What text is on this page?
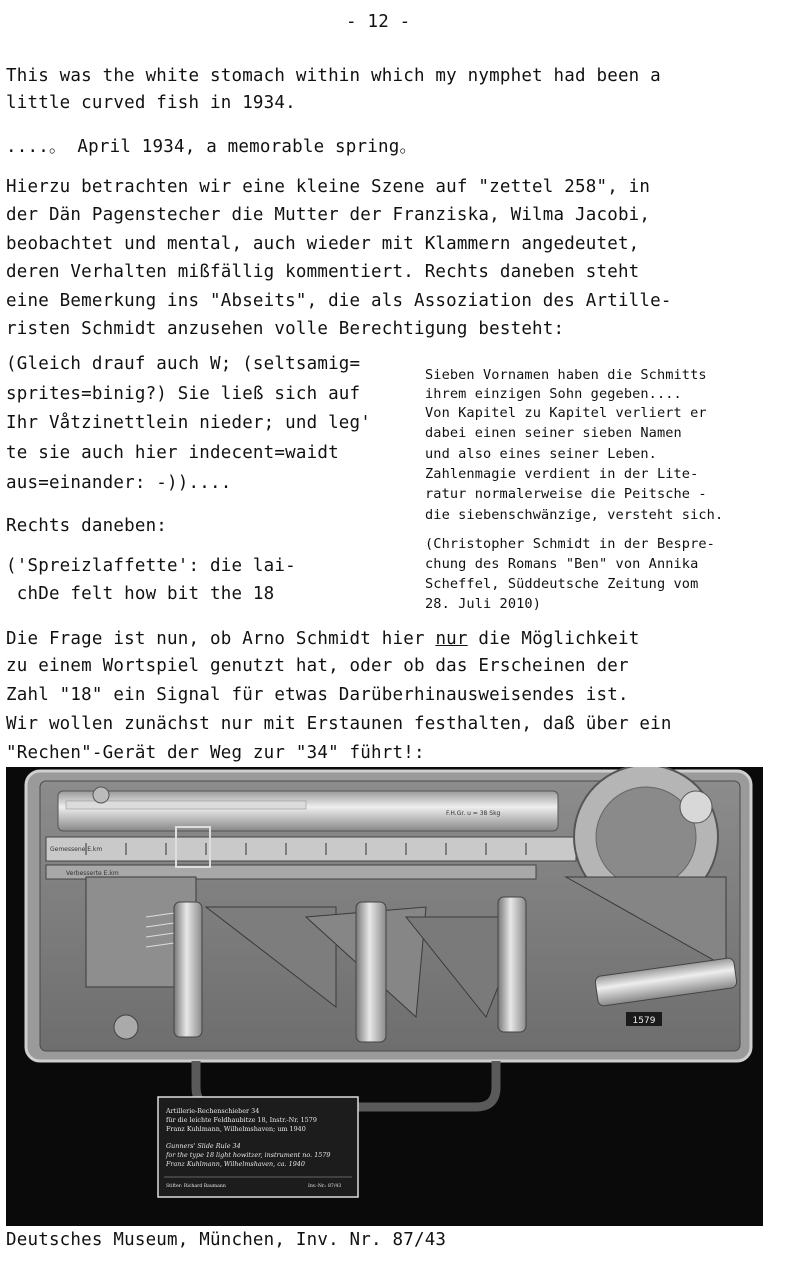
- 12 -
This was the white stomach within which my nymphet had been a
little curved fish in 1934.
....。 April 1934, a memorable spring。
Hierzu betrachten wir eine kleine Szene auf "zettel 258", in
der Dän Pagenstecher die Mutter der Franziska, Wilma Jacobi,
beobachtet und mental, auch wieder mit Klammern angedeutet,
deren Verhalten mißfällig kommentiert. Rechts daneben steht
eine Bemerkung ins "Abseits", die als Assoziation des Artille-
risten Schmidt anzusehen volle Berechtigung besteht:
(Gleich drauf auch W; (seltsamig=
sprites=binig?) Sie ließ sich auf
Ihr Våtzinettlein nieder; und leg'
te sie auch hier indecent=waidt
aus=einander: -))....
Rechts daneben:
('Spreizlaffette': die lai-
chDe felt how bit the 18
Sieben Vornamen haben die Schmitts
ihrem einzigen Sohn gegeben....
Von Kapitel zu Kapitel verliert er
dabei einen seiner sieben Namen
und also eines seiner Leben.
Zahlenmagie verdient in der Lite-
ratur normalerweise die Peitsche -
die siebenschwänzige, versteht sich.
(Christopher Schmidt in der Bespre-
chung des Romans "Ben" von Annika
Scheffel, Süddeutsche Zeitung vom
28. Juli 2010)
Die Frage ist nun, ob Arno Schmidt hier nur die Möglichkeit
zu einem Wortspiel genutzt hat, oder ob das Erscheinen der
Zahl "18" ein Signal für etwas Darüberhinausweisendes ist.
Wir wollen zunächst nur mit Erstaunen festhalten, daß über ein
"Rechen"-Gerät der Weg zur "34" führt!:
1579
F.H.Gr. u = 38 Skg
Verbesserte E.km
Gemessene E.km
Artillerie-Rechenschieber 34
für die leichte Feldhaubitze 18, Instr.-Nr. 1579
Franz Kuhlmann, Wilhelmshaven; um 1940
Gunners' Slide Rule 34
for the type 18 light howitzer, instrument no. 1579
Franz Kuhlmann, Wilhelmshaven, ca. 1940
Stifter: Richard Baumann	Inv.-Nr.: 87/43
Deutsches Museum, München, Inv. Nr. 87/43
